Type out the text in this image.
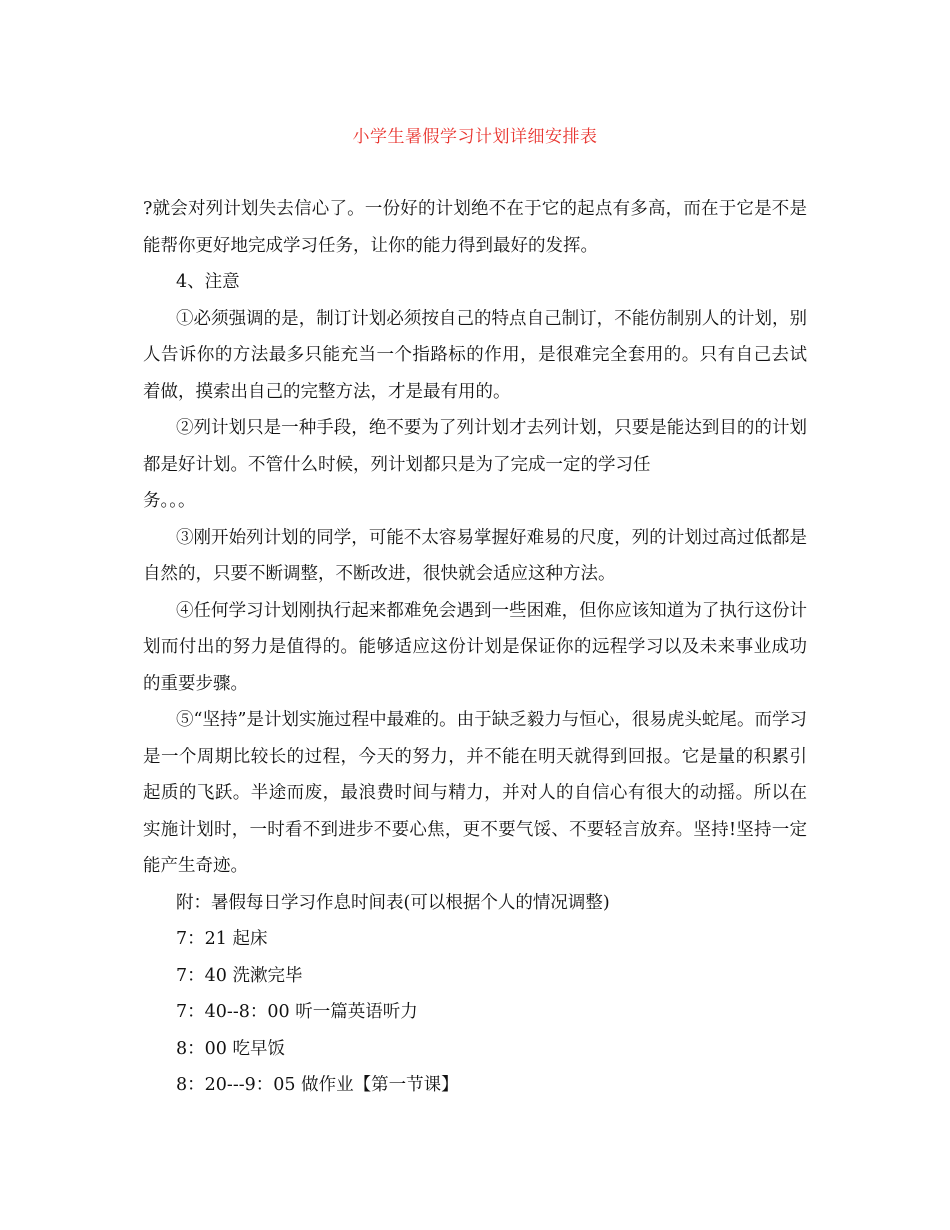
小学生暑假学习计划详细安排表

?就会对列计划失去信心了。一份好的计划绝不在于它的起点有多高，而在于它是不是能帮你更好地完成学习任务，让你的能力得到最好的发挥。

4、注意

①必须强调的是，制订计划必须按自己的特点自己制订，不能仿制别人的计划，别人告诉你的方法最多只能充当一个指路标的作用，是很难完全套用的。只有自己去试着做，摸索出自己的完整方法，才是最有用的。

②列计划只是一种手段，绝不要为了列计划才去列计划，只要是能达到目的的计划都是好计划。不管什么时候，列计划都只是为了完成一定的学习任

务。。。

③刚开始列计划的同学，可能不太容易掌握好难易的尺度，列的计划过高过低都是自然的，只要不断调整，不断改进，很快就会适应这种方法。

④任何学习计划刚执行起来都难免会遇到一些困难，但你应该知道为了执行这份计划而付出的努力是值得的。能够适应这份计划是保证你的远程学习以及未来事业成功的重要步骤。

⑤“坚持”是计划实施过程中最难的。由于缺乏毅力与恒心，很易虎头蛇尾。而学习是一个周期比较长的过程，今天的努力，并不能在明天就得到回报。它是量的积累引起质的飞跃。半途而废，最浪费时间与精力，并对人的自信心有很大的动摇。所以在实施计划时，一时看不到进步不要心焦，更不要气馁、不要轻言放弃。坚持!坚持一定能产生奇迹。

附：暑假每日学习作息时间表(可以根据个人的情况调整)

7：21 起床

7：40 洗漱完毕

7：40--8：00 听一篇英语听力

8：00 吃早饭

8：20---9：05 做作业【第一节课】
